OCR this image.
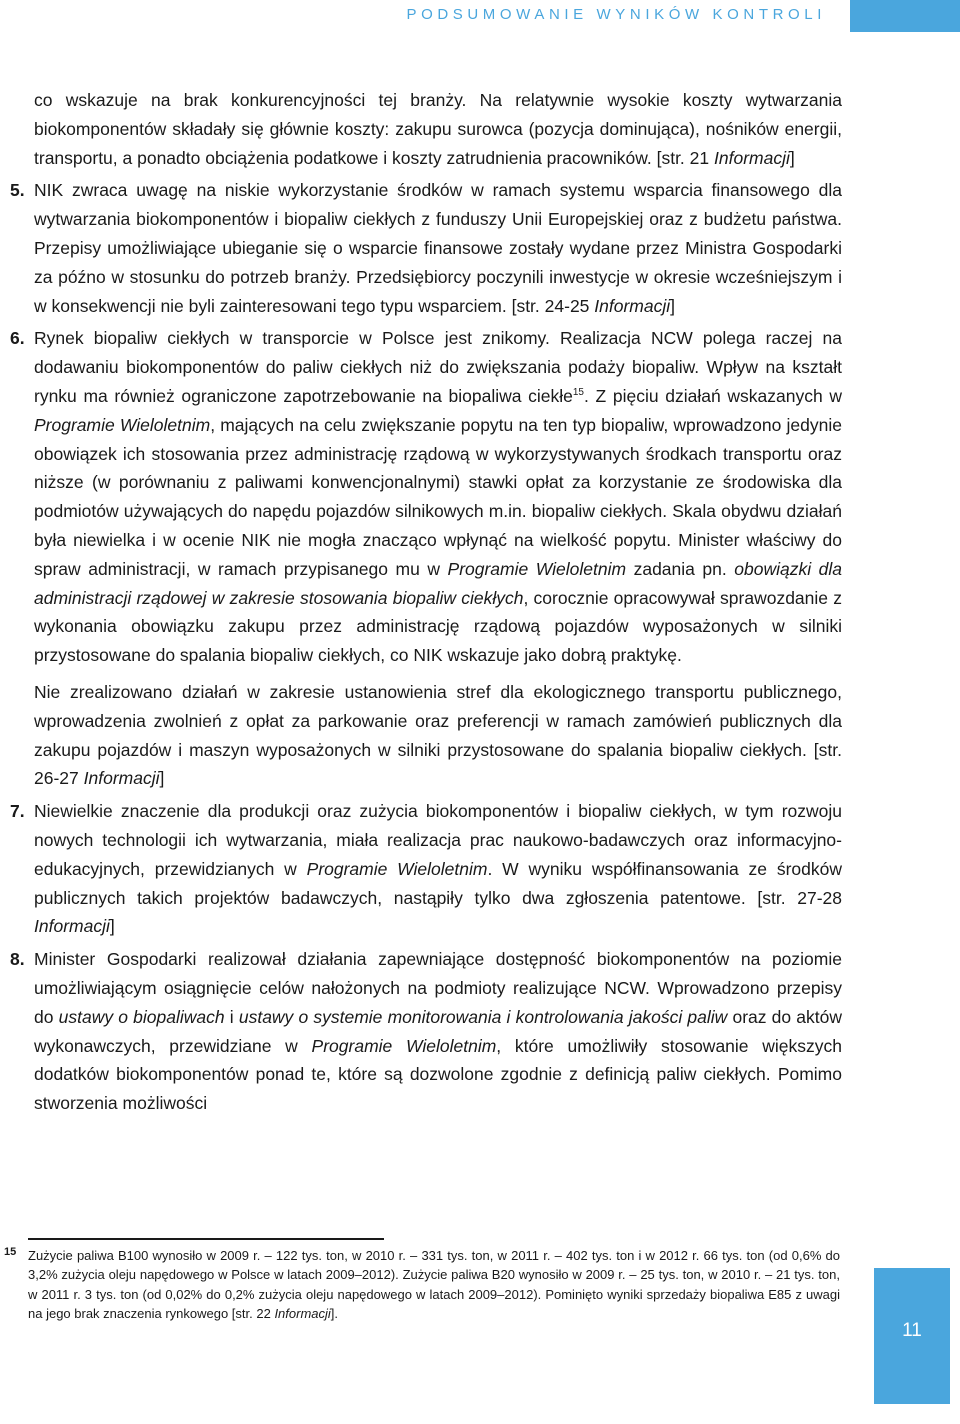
PODSUMOWANIE WYNIKÓW KONTROLI

co wskazuje na brak konkurencyjności tej branży. Na relatywnie wysokie koszty wytwarzania biokomponentów składały się głównie koszty: zakupu surowca (pozycja dominująca), nośników energii, transportu, a ponadto obciążenia podatkowe i koszty zatrudnienia pracowników. [str. 21 Informacji]

5. NIK zwraca uwagę na niskie wykorzystanie środków w ramach systemu wsparcia finansowego dla wytwarzania biokomponentów i biopaliw ciekłych z funduszy Unii Europejskiej oraz z budżetu państwa. Przepisy umożliwiające ubieganie się o wsparcie finansowe zostały wydane przez Ministra Gospodarki za późno w stosunku do potrzeb branży. Przedsiębiorcy poczynili inwestycje w okresie wcześniejszym i w konsekwencji nie byli zainteresowani tego typu wsparciem. [str. 24-25 Informacji]

6. Rynek biopaliw ciekłych w transporcie w Polsce jest znikomy. Realizacja NCW polega raczej na dodawaniu biokomponentów do paliw ciekłych niż do zwiększania podaży biopaliw. Wpływ na kształt rynku ma również ograniczone zapotrzebowanie na biopaliwa ciekłe$^{15}$. Z pięciu działań wskazanych w Programie Wieloletnim, mających na celu zwiększanie popytu na ten typ biopaliw, wprowadzono jedynie obowiązek ich stosowania przez administrację rządową w wykorzystywanych środkach transportu oraz niższe (w porównaniu z paliwami konwencjonalnymi) stawki opłat za korzystanie ze środowiska dla podmiotów używających do napędu pojazdów silnikowych m.in. biopaliw ciekłych. Skala obydwu działań była niewielka i w ocenie NIK nie mogła znacząco wpłynąć na wielkość popytu. Minister właściwy do spraw administracji, w ramach przypisanego mu w Programie Wieloletnim zadania pn. obowiązki dla administracji rządowej w zakresie stosowania biopaliw ciekłych, corocznie opracowywał sprawozdanie z wykonania obowiązku zakupu przez administrację rządową pojazdów wyposażonych w silniki przystosowane do spalania biopaliw ciekłych, co NIK wskazuje jako dobrą praktykę.

Nie zrealizowano działań w zakresie ustanowienia stref dla ekologicznego transportu publicznego, wprowadzenia zwolnień z opłat za parkowanie oraz preferencji w ramach zamówień publicznych dla zakupu pojazdów i maszyn wyposażonych w silniki przystosowane do spalania biopaliw ciekłych. [str. 26-27 Informacji]

7. Niewielkie znaczenie dla produkcji oraz zużycia biokomponentów i biopaliw ciekłych, w tym rozwoju nowych technologii ich wytwarzania, miała realizacja prac naukowo-badawczych oraz informacyjno-edukacyjnych, przewidzianych w Programie Wieloletnim. W wyniku współfinansowania ze środków publicznych takich projektów badawczych, nastąpiły tylko dwa zgłoszenia patentowe. [str. 27-28 Informacji]

8. Minister Gospodarki realizował działania zapewniające dostępność biokomponentów na poziomie umożliwiającym osiągnięcie celów nałożonych na podmioty realizujące NCW. Wprowadzono przepisy do ustawy o biopaliwach i ustawy o systemie monitorowania i kontrolowania jakości paliw oraz do aktów wykonawczych, przewidziane w Programie Wieloletnim, które umożliwiły stosowanie większych dodatków biokomponentów ponad te, które są dozwolone zgodnie z definicją paliw ciekłych. Pomimo stworzenia możliwości

15 Zużycie paliwa B100 wynosiło w 2009 r. – 122 tys. ton, w 2010 r. – 331 tys. ton, w 2011 r. – 402 tys. ton i w 2012 r. 66 tys. ton (od 0,6% do 3,2% zużycia oleju napędowego w Polsce w latach 2009–2012). Zużycie paliwa B20 wynosiło w 2009 r. – 25 tys. ton, w 2010 r. – 21 tys. ton, w 2011 r. 3 tys. ton (od 0,02% do 0,2% zużycia oleju napędowego w latach 2009–2012). Pominięto wyniki sprzedaży biopaliwa E85 z uwagi na jego brak znaczenia rynkowego [str. 22 Informacji].
11
